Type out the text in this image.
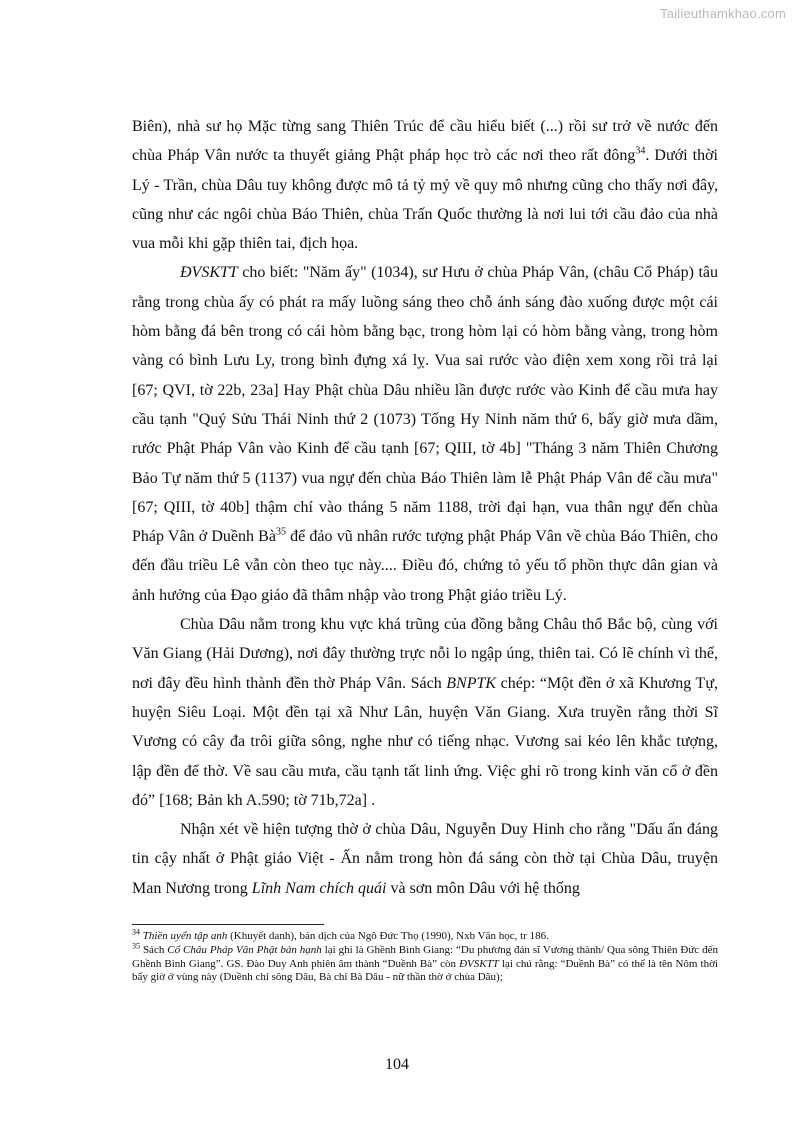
Tailieuthamkhao.com

Biên), nhà sư họ Mặc từng sang Thiên Trúc để cầu hiểu biết (...) rồi sư trở về nước đến chùa Pháp Vân nước ta thuyết giảng Phật pháp học trò các nơi theo rất đông$^{34}$. Dưới thời Lý - Trần, chùa Dâu tuy không được mô tả tỷ mỷ về quy mô nhưng cũng cho thấy nơi đây, cũng như các ngôi chùa Báo Thiên, chùa Trấn Quốc thường là nơi lui tới cầu đảo của nhà vua mỗi khi gặp thiên tai, địch họa.

ĐVSKTT cho biết: "Năm ấy" (1034), sư Hưu ở chùa Pháp Vân, (châu Cổ Pháp) tâu rằng trong chùa ấy có phát ra mấy luồng sáng theo chỗ ánh sáng đào xuống được một cái hòm bằng đá bên trong có cái hòm bằng bạc, trong hòm lại có hòm bằng vàng, trong hòm vàng có bình Lưu Ly, trong bình đựng xá lỵ. Vua sai rước vào điện xem xong rồi trả lại [67; QVI, tờ 22b, 23a] Hay Phật chùa Dâu nhiều lần được rước vào Kinh để cầu mưa hay cầu tạnh "Quý Sửu Thái Ninh thứ 2 (1073) Tống Hy Ninh năm thứ 6, bấy giờ mưa dầm, rước Phật Pháp Vân vào Kinh để cầu tạnh [67; QIII, tờ 4b] "Tháng 3 năm Thiên Chương Bảo Tự năm thứ 5 (1137) vua ngự đến chùa Báo Thiên làm lễ Phật Pháp Vân để cầu mưa" [67; QIII, tờ 40b] thậm chí vào tháng 5 năm 1188, trời đại hạn, vua thân ngự đến chùa Pháp Vân ở Duềnh $Bà^{35}$ để đảo vũ nhân rước tượng phật Pháp Vân về chùa Báo Thiên, cho đến đầu triều Lê vẫn còn theo tục này.... Điều đó, chứng tỏ yếu tố phồn thực dân gian và ảnh hưởng của Đạo giáo đã thâm nhập vào trong Phật giáo triều Lý.

Chùa Dâu nằm trong khu vực khá trũng của đồng bằng Châu thổ Bắc bộ, cùng với Văn Giang (Hải Dương), nơi đây thường trực nỗi lo ngập úng, thiên tai. Có lẽ chính vì thế, nơi đây đều hình thành đền thờ Pháp Vân. Sách BNPTK chép: “Một đền ở xã Khương Tự, huyện Siêu Loại. Một đền tại xã Như Lân, huyện Văn Giang. Xưa truyền rằng thời Sĩ Vương có cây đa trôi giữa sông, nghe như có tiếng nhạc. Vương sai kéo lên khắc tượng, lập đền để thờ. Về sau cầu mưa, cầu tạnh tất linh ứng. Việc ghi rõ trong kinh văn cổ ở đền đó” [168; Bản kh A.590; tờ 71b,72a] .

Nhận xét về hiện tượng thờ ở chùa Dâu, Nguyễn Duy Hinh cho rằng "Dấu ấn đáng tin cậy nhất ở Phật giáo Việt - Ấn nằm trong hòn đá sáng còn thờ tại Chùa Dâu, truyện Man Nương trong Lĩnh Nam chích quái và sơn môn Dâu với hệ thống

$^{34}$ Thiền uyển tập anh (Khuyết danh), bản dịch của Ngô Đức Thọ (1990), Nxb Văn học, tr 186.

$^{35}$ Sách Cổ Châu Pháp Vân Phật bản hạnh lại ghi là Ghềnh Bình Giang: “Du phương đán sĩ Vương thành/ Qua sông Thiên Đức đến Ghềnh Bình Giang”. GS. Đào Duy Anh phiên âm thành “Duềnh Bà” còn ĐVSKTT lại chú rằng: “Duềnh Bà” có thể là tên Nôm thời bấy giờ ở vùng này (Duềnh chỉ sông Dâu, Bà chỉ Bà Dâu - nữ thần thờ ở chùa Dâu);

104
